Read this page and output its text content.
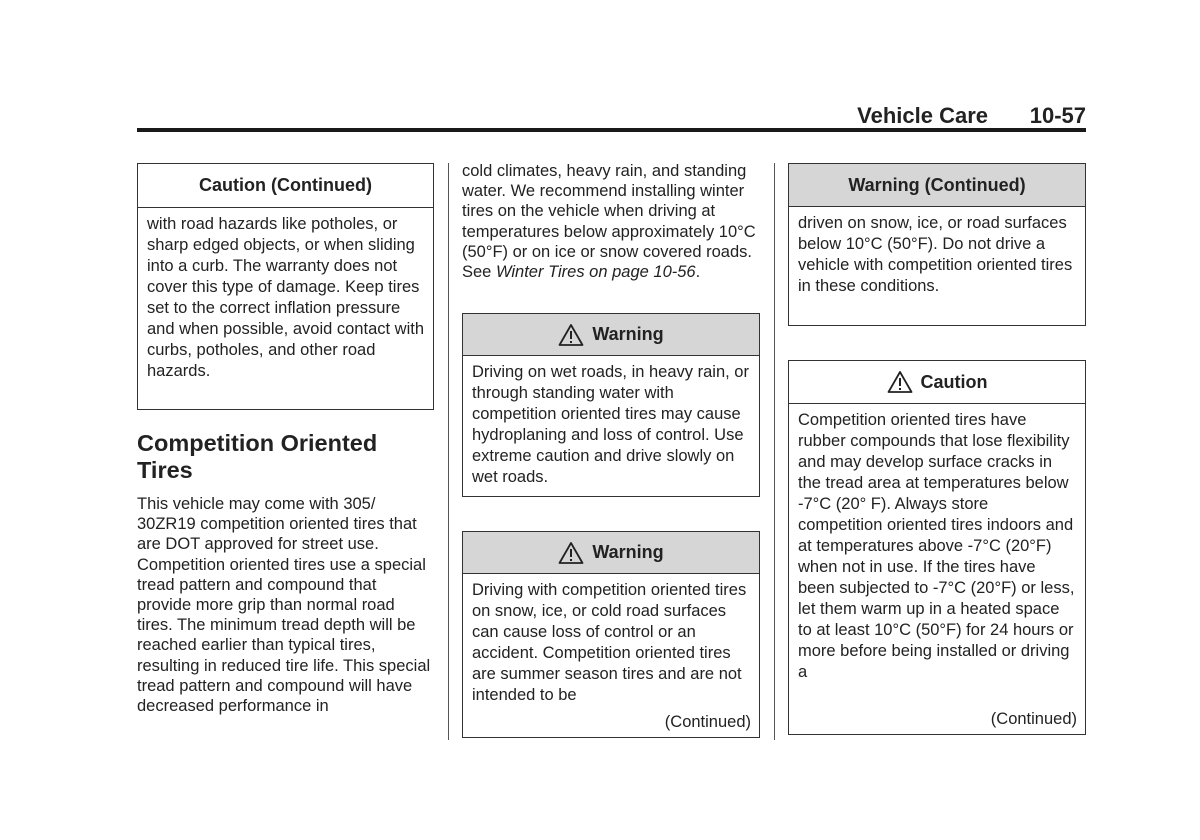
Vehicle Care 10-57
Caution (Continued)
with road hazards like potholes, or sharp edged objects, or when sliding into a curb. The warranty does not cover this type of damage. Keep tires set to the correct inflation pressure and when possible, avoid contact with curbs, potholes, and other road hazards.
Competition Oriented Tires
This vehicle may come with 305/ 30ZR19 competition oriented tires that are DOT approved for street use. Competition oriented tires use a special tread pattern and compound that provide more grip than normal road tires. The minimum tread depth will be reached earlier than typical tires, resulting in reduced tire life. This special tread pattern and compound will have decreased performance in
cold climates, heavy rain, and standing water. We recommend installing winter tires on the vehicle when driving at temperatures below approximately 10°C (50°F) or on ice or snow covered roads. See Winter Tires on page 10‑56.
Warning
Driving on wet roads, in heavy rain, or through standing water with competition oriented tires may cause hydroplaning and loss of control. Use extreme caution and drive slowly on wet roads.
Warning
Driving with competition oriented tires on snow, ice, or cold road surfaces can cause loss of control or an accident. Competition oriented tires are summer season tires and are not intended to be
(Continued)
Warning (Continued)
driven on snow, ice, or road surfaces below 10°C (50°F). Do not drive a vehicle with competition oriented tires in these conditions.
Caution
Competition oriented tires have rubber compounds that lose flexibility and may develop surface cracks in the tread area at temperatures below -7°C (20° F). Always store competition oriented tires indoors and at temperatures above -7°C (20°F) when not in use. If the tires have been subjected to -7°C (20°F) or less, let them warm up in a heated space to at least 10°C (50°F) for 24 hours or more before being installed or driving a
(Continued)
